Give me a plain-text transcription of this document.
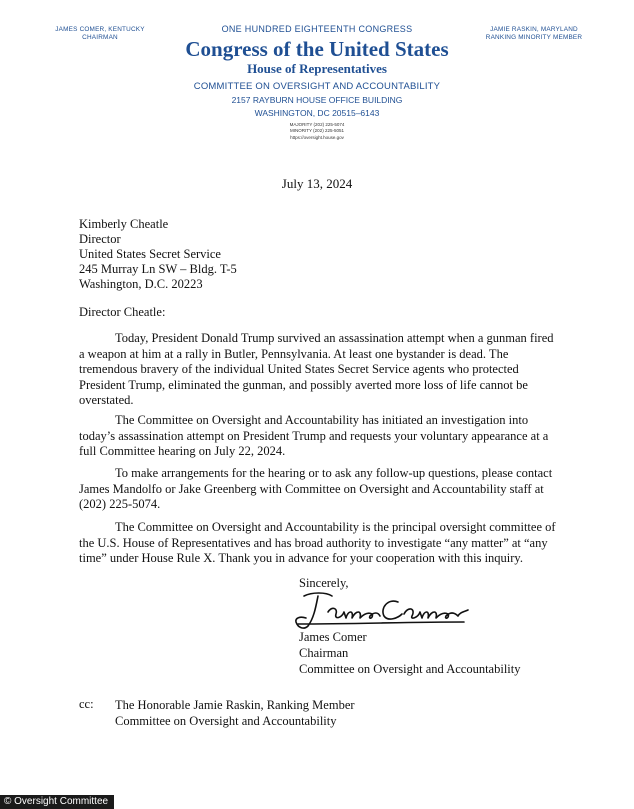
JAMES COMER, KENTUCKY
CHAIRMAN
JAMIE RASKIN, MARYLAND
RANKING MINORITY MEMBER
ONE HUNDRED EIGHTEENTH CONGRESS
Congress of the United States
House of Representatives
COMMITTEE ON OVERSIGHT AND ACCOUNTABILITY
2157 RAYBURN HOUSE OFFICE BUILDING
WASHINGTON, DC 20515–6143
MAJORITY (202) 225-5074
MINORITY (202) 225-5051
https://oversight.house.gov
July 13, 2024
Kimberly Cheatle
Director
United States Secret Service
245 Murray Ln SW – Bldg. T-5
Washington, D.C. 20223
Director Cheatle:
Today, President Donald Trump survived an assassination attempt when a gunman fired a weapon at him at a rally in Butler, Pennsylvania. At least one bystander is dead. The tremendous bravery of the individual United States Secret Service agents who protected President Trump, eliminated the gunman, and possibly averted more loss of life cannot be overstated.
The Committee on Oversight and Accountability has initiated an investigation into today’s assassination attempt on President Trump and requests your voluntary appearance at a full Committee hearing on July 22, 2024.
To make arrangements for the hearing or to ask any follow-up questions, please contact James Mandolfo or Jake Greenberg with Committee on Oversight and Accountability staff at (202) 225-5074.
The Committee on Oversight and Accountability is the principal oversight committee of the U.S. House of Representatives and has broad authority to investigate “any matter” at “any time” under House Rule X. Thank you in advance for your cooperation with this inquiry.
Sincerely,
James Comer
Chairman
Committee on Oversight and Accountability
cc: The Honorable Jamie Raskin, Ranking Member
Committee on Oversight and Accountability
© Oversight Committee
